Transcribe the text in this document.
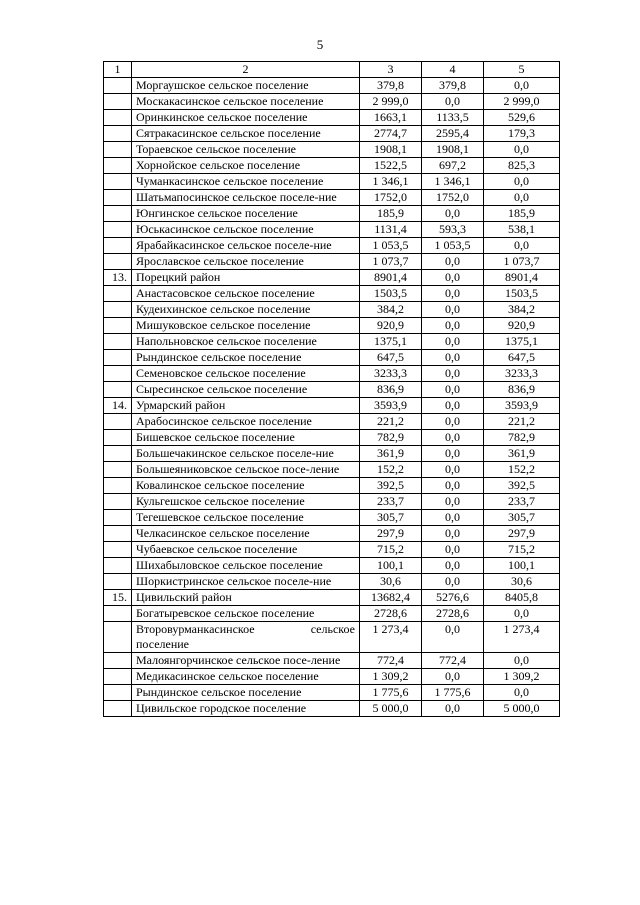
5
1	2	3	4	5
	Моргаушское сельское поселение	379,8	379,8	0,0
	Москакасинское сельское поселение	2 999,0	0,0	2 999,0
	Оринкинское сельское поселение	1663,1	1133,5	529,6
	Сятракасинское сельское поселение	2774,7	2595,4	179,3
	Тораевское сельское поселение	1908,1	1908,1	0,0
	Хорнойское сельское поселение	1522,5	697,2	825,3
	Чуманкасинское сельское поселение	1 346,1	1 346,1	0,0
	Шатьмапосинское сельское поселе-ние	1752,0	1752,0	0,0
	Юнгинское сельское поселение	185,9	0,0	185,9
	Юськасинское сельское поселение	1131,4	593,3	538,1
	Ярабайкасинское сельское поселе-ние	1 053,5	1 053,5	0,0
	Ярославское сельское поселение	1 073,7	0,0	1 073,7
13.	Порецкий район	8901,4	0,0	8901,4
	Анастасовское сельское поселение	1503,5	0,0	1503,5
	Кудеихинское сельское поселение	384,2	0,0	384,2
	Мишуковское сельское поселение	920,9	0,0	920,9
	Напольновское сельское поселение	1375,1	0,0	1375,1
	Рындинское сельское поселение	647,5	0,0	647,5
	Семеновское сельское поселение	3233,3	0,0	3233,3
	Сыресинское сельское поселение	836,9	0,0	836,9
14.	Урмарский район	3593,9	0,0	3593,9
	Арабосинское сельское поселение	221,2	0,0	221,2
	Бишевское сельское поселение	782,9	0,0	782,9
	Большечакинское сельское поселе-ние	361,9	0,0	361,9
	Большеяниковское сельское посе-ление	152,2	0,0	152,2
	Ковалинское сельское поселение	392,5	0,0	392,5
	Кульгешское сельское поселение	233,7	0,0	233,7
	Тегешевское сельское поселение	305,7	0,0	305,7
	Челкасинское сельское поселение	297,9	0,0	297,9
	Чубаевское сельское поселение	715,2	0,0	715,2
	Шихабыловское сельское поселение	100,1	0,0	100,1
	Шоркистринское сельское поселе-ние	30,6	0,0	30,6
15.	Цивильский район	13682,4	5276,6	8405,8
	Богатыревское сельское поселение	2728,6	2728,6	0,0
	Второвурманкасинское сельское поселение	1 273,4	0,0	1 273,4
	Малоянгорчинское сельское посе-ление	772,4	772,4	0,0
	Медикасинское сельское поселение	1 309,2	0,0	1 309,2
	Рындинское сельское поселение	1 775,6	1 775,6	0,0
	Цивильское городское поселение	5 000,0	0,0	5 000,0
